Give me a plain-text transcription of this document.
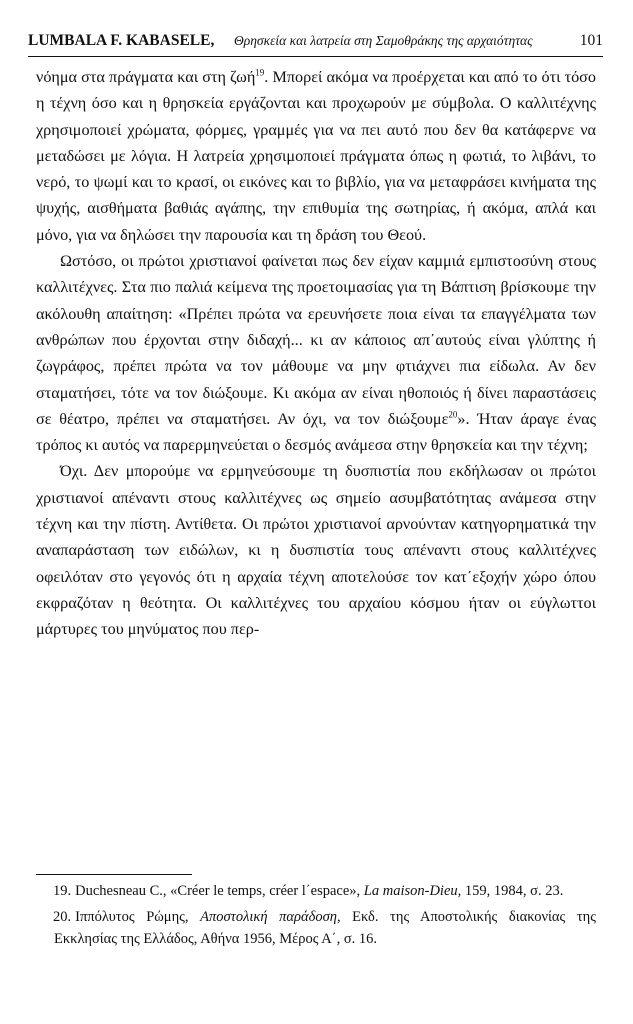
LUMBALA F. KABASELE, Θρησκεία και λατρεία στη Σαμοθράκης της αρχαιότητας	101

νόημα στα πράγματα και στη ζωή$^{19}$. Μπορεί ακόμα να προέρχεται και από το ότι τόσο η τέχνη όσο και η θρησκεία εργάζονται και προχωρούν με σύμβολα. Ο καλλιτέχνης χρησιμοποιεί χρώματα, φόρμες, γραμμές για να πει αυτό που δεν θα κατάφερνε να μεταδώσει με λόγια. Η λατρεία χρησιμοποιεί πράγματα όπως η φωτιά, το λιβάνι, το νερό, το ψωμί και το κρασί, οι εικόνες και το βιβλίο, για να μεταφράσει κινήματα της ψυχής, αισθήματα βαθιάς αγάπης, την επιθυμία της σωτηρίας, ή ακόμα, απλά και μόνο, για να δηλώσει την παρουσία και τη δράση του Θεού.

Ωστόσο, οι πρώτοι χριστιανοί φαίνεται πως δεν είχαν καμμιά εμπιστοσύνη στους καλλιτέχνες. Στα πιο παλιά κείμενα της προετοιμασίας για τη Βάπτιση βρίσκουμε την ακόλουθη απαίτηση: «Πρέπει πρώτα να ερευνήσετε ποια είναι τα επαγγέλματα των ανθρώπων που έρχονται στην διδαχή... κι αν κάποιος απ΄αυτούς είναι γλύπτης ή ζωγράφος, πρέπει πρώτα να τον μάθουμε να μην φτιάχνει πια είδωλα. Αν δεν σταματήσει, τότε να τον διώξουμε. Κι ακόμα αν είναι ηθοποιός ή δίνει παραστάσεις σε θέατρο, πρέπει να σταματήσει. Αν όχι, να τον διώξουμε$^{20}$». Ήταν άραγε ένας τρόπος κι αυτός να παρερμηνεύεται ο δεσμός ανάμεσα στην θρησκεία και την τέχνη;

Όχι. Δεν μπορούμε να ερμηνεύσουμε τη δυσπιστία που εκδήλωσαν οι πρώτοι χριστιανοί απέναντι στους καλλιτέχνες ως σημείο ασυμβατότητας ανάμεσα στην τέχνη και την πίστη. Αντίθετα. Οι πρώτοι χριστιανοί αρνούνταν κατηγορηματικά την αναπαράσταση των ειδώλων, κι η δυσπιστία τους απέναντι στους καλλιτέχνες οφειλόταν στο γεγονός ότι η αρχαία τέχνη αποτελούσε τον κατ΄εξοχήν χώρο όπου εκφραζόταν η θεότητα. Οι καλλιτέχνες του αρχαίου κόσμου ήταν οι εύγλωττοι μάρτυρες του μηνύματος που περ-

19. Duchesneau C., «Créer le temps, créer l΄espace», La maison-Dieu, 159, 1984, σ. 23.

20. Ιππόλυτος Ρώμης, Αποστολική παράδοση, Εκδ. της Αποστολικής διακονίας της Εκκλησίας της Ελλάδος, Αθήνα 1956, Μέρος Α΄, σ. 16.
